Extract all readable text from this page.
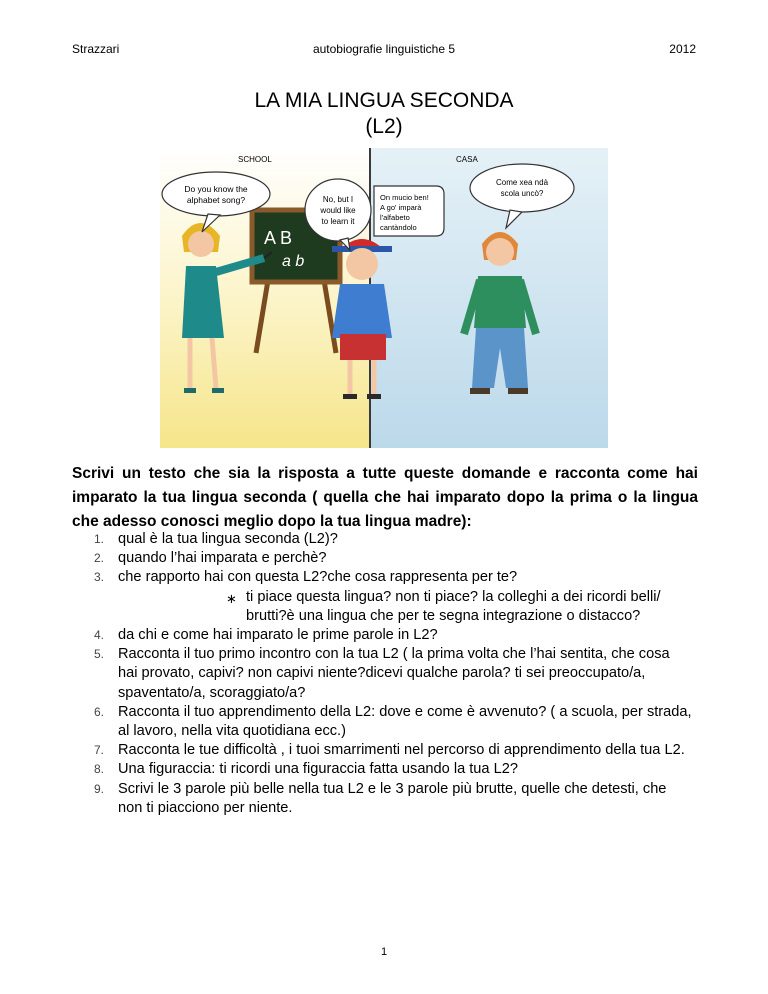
Strazzari	autobiografie linguistiche 5	2012
LA MIA LINGUA SECONDA
(L2)
SCHOOL	CASA
A B
a b
Do you know the
alphabet song?	No, but I
would like
to learn it
On mucio ben!
A go' imparà
l'alfabeto
cantàndolo
Come xea ndà
scola uncò?
Scrivi un testo che sia la risposta a tutte queste domande e racconta come hai imparato la tua lingua seconda ( quella che hai imparato dopo la prima o la lingua che adesso conosci meglio dopo la tua lingua madre):
1. qual è la tua lingua seconda (L2)?
2. quando l’hai imparata e perchè?
3. che rapporto hai con questa L2?che cosa rappresenta per te?
∗ ti piace questa lingua? non ti piace? la colleghi a dei ricordi belli/ brutti?è una lingua che per te segna integrazione o distacco?
4. da chi e come hai imparato le prime parole in L2?
5. Racconta il tuo primo incontro con la tua L2 ( la prima volta che l’hai sentita, che cosa hai provato, capivi? non capivi niente?dicevi qualche parola? ti sei preoccupato/a, spaventato/a, scoraggiato/a?
6. Racconta il tuo apprendimento della L2: dove e come è avvenuto? ( a scuola, per strada, al lavoro, nella vita quotidiana ecc.)
7. Racconta le tue difficoltà , i tuoi smarrimenti nel percorso di apprendimento della tua L2.
8. Una figuraccia: ti ricordi una figuraccia fatta usando la tua L2?
9. Scrivi le 3 parole più belle nella tua L2 e le 3 parole più brutte, quelle che detesti, che non ti piacciono per niente.
1
